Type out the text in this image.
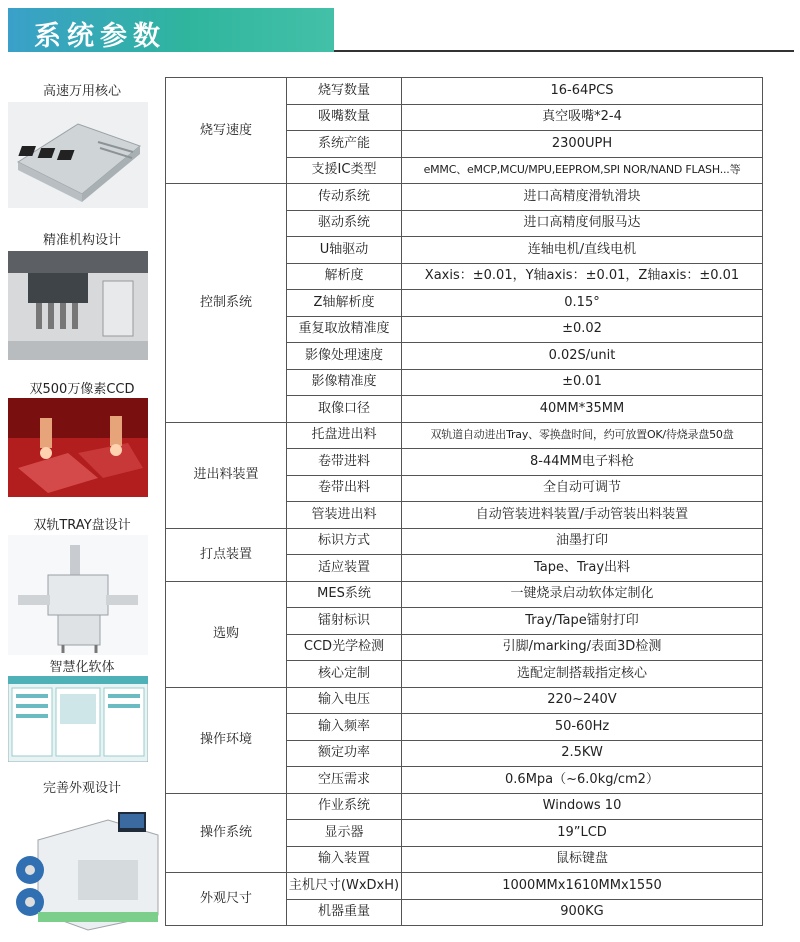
系统参数
高速万用核心
精准机构设计
双500万像素CCD
双轨TRAY盘设计
智慧化软体
完善外观设计
烧写速度	烧写数量	16-64PCS
	吸嘴数量	真空吸嘴*2-4
	系统产能	2300UPH
	支援IC类型	eMMC、eMCP,MCU/MPU,EEPROM,SPI NOR/NAND FLASH...等
控制系统	传动系统	进口高精度滑轨滑块
	驱动系统	进口高精度伺服马达
	U轴驱动	连轴电机/直线电机
	解析度	Xaxis：±0.01，Y轴axis：±0.01，Z轴axis：±0.01
	Z轴解析度	0.15°
	重复取放精准度	±0.02
	影像处理速度	0.02S/unit
	影像精准度	±0.01
	取像口径	40MM*35MM
进出料装置	托盘进出料	双轨道自动进出Tray、零换盘时间，约可放置OK/待烧录盘50盘
	卷带进料	8-44MM电子料枪
	卷带出料	全自动可调节
	管装进出料	自动管装进料装置/手动管装出料装置
打点装置	标识方式	油墨打印
	适应装置	Tape、Tray出料
选购	MES系统	一键烧录启动软体定制化
	镭射标识	Tray/Tape镭射打印
	CCD光学检测	引脚/marking/表面3D检测
	核心定制	选配定制搭载指定核心
操作环境	输入电压	220~240V
	输入频率	50-60Hz
	额定功率	2.5KW
	空压需求	0.6Mpa（~6.0kg/cm2）
操作系统	作业系统	Windows 10
	显示器	19”LCD
	输入装置	鼠标键盘
外观尺寸	主机尺寸(WxDxH)	1000MMx1610MMx1550
	机器重量	900KG
